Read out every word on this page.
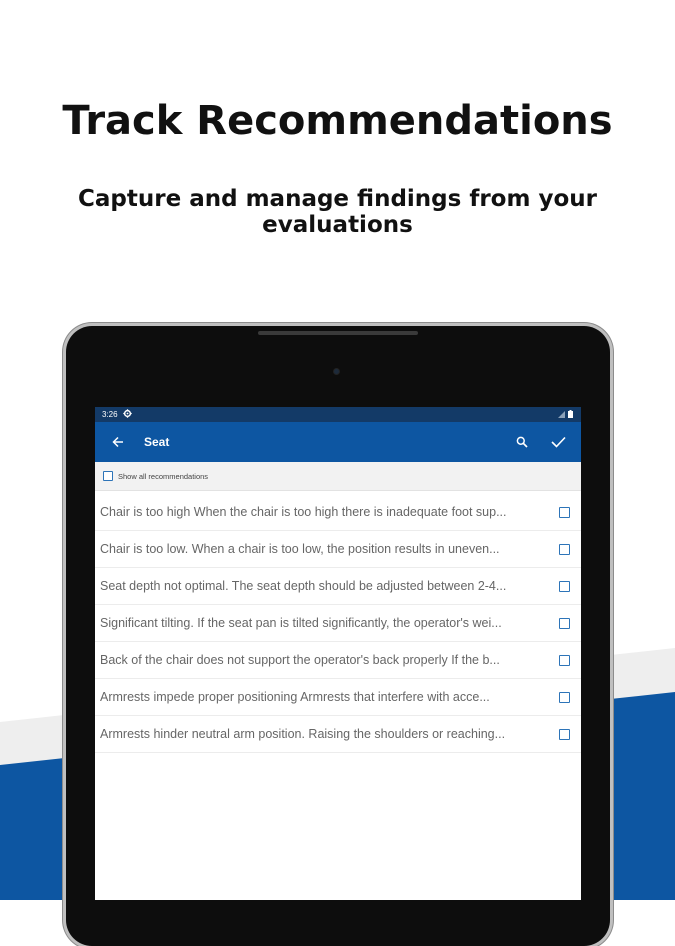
Track Recommendations
Capture and manage findings from your evaluations
3:26
Seat
Show all recommendations
Chair is too high When the chair is too high there is inadequate foot sup...
Chair is too low. When a chair is too low, the position results in uneven...
Seat depth not optimal. The seat depth should be adjusted between 2-4...
Significant tilting. If the seat pan is tilted significantly, the operator's wei...
Back of the chair does not support the operator's back properly If the b...
Armrests impede proper positioning Armrests that interfere with acce...
Armrests hinder neutral arm position. Raising the shoulders or reaching...
